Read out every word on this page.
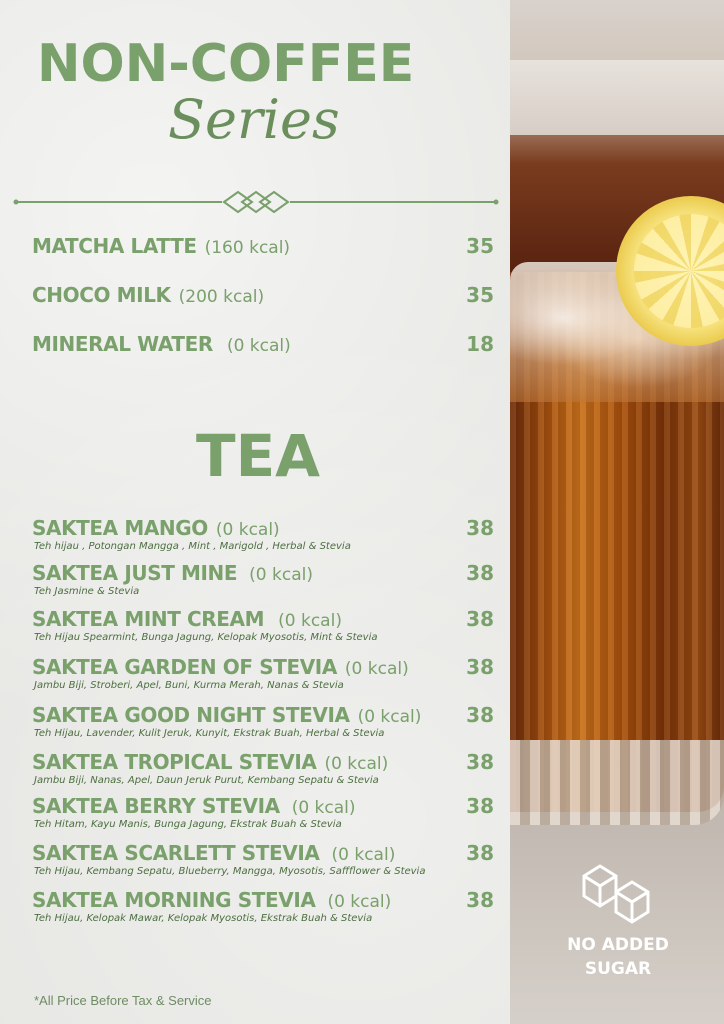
NON-COFFEE
Series
MATCHA LATTE (160 kcal)	35
CHOCO MILK (200 kcal)	35
MINERAL WATER (0 kcal)	18
TEA
SAKTEA MANGO (0 kcal)	38
Teh hijau , Potongan Mangga , Mint , Marigold , Herbal & Stevia
SAKTEA JUST MINE (0 kcal)	38
Teh Jasmine & Stevia
SAKTEA MINT CREAM (0 kcal)	38
Teh Hijau Spearmint, Bunga Jagung, Kelopak Myosotis, Mint & Stevia
SAKTEA GARDEN OF STEVIA (0 kcal)	38
Jambu Biji, Stroberi, Apel, Buni, Kurma Merah, Nanas & Stevia
SAKTEA GOOD NIGHT STEVIA (0 kcal) 38
Teh Hijau, Lavender, Kulit Jeruk, Kunyit, Ekstrak Buah, Herbal & Stevia
SAKTEA TROPICAL STEVIA (0 kcal)	38
Jambu Biji, Nanas, Apel, Daun Jeruk Purut, Kembang Sepatu & Stevia
SAKTEA BERRY STEVIA (0 kcal)	38
Teh Hitam, Kayu Manis, Bunga Jagung, Ekstrak Buah & Stevia
SAKTEA SCARLETT STEVIA (0 kcal)	38
Teh Hijau, Kembang Sepatu, Blueberry, Mangga, Myosotis, Saffflower & Stevia
SAKTEA MORNING STEVIA (0 kcal)	38
Teh Hijau, Kelopak Mawar, Kelopak Myosotis, Ekstrak Buah & Stevia
*All Price Before Tax & Service
NO ADDED
SUGAR
